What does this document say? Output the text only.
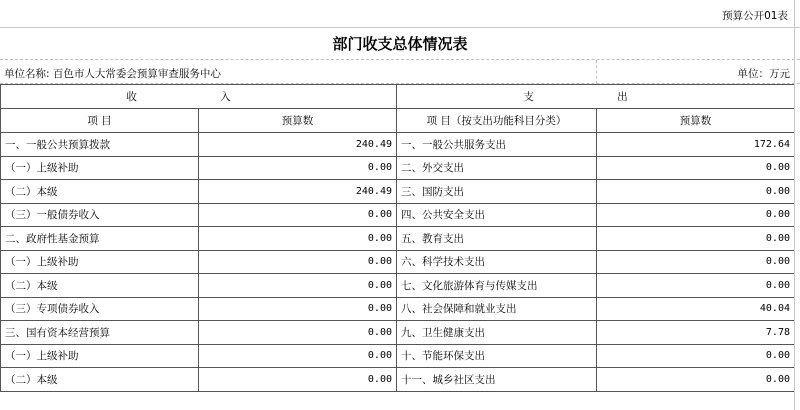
预算公开01表
部门收支总体情况表
单位名称: 百色市人大常委会预算审查服务中心	单位：万元
收 入		支 出	
项 目	预算数	项 目（按支出功能科目分类）	预算数
一、一般公共预算拨款	240.49	一、一般公共服务支出	172.64
（一）上级补助	0.00	二、外交支出	0.00
（二）本级	240.49	三、国防支出	0.00
（三）一般债券收入	0.00	四、公共安全支出	0.00
二、政府性基金预算	0.00	五、教育支出	0.00
（一）上级补助	0.00	六、科学技术支出	0.00
（二）本级	0.00	七、文化旅游体育与传媒支出	0.00
（三）专项债券收入	0.00	八、社会保障和就业支出	40.04
三、国有资本经营预算	0.00	九、卫生健康支出	7.78
（一）上级补助	0.00	十、节能环保支出	0.00
（二）本级	0.00	十一、城乡社区支出	0.00
